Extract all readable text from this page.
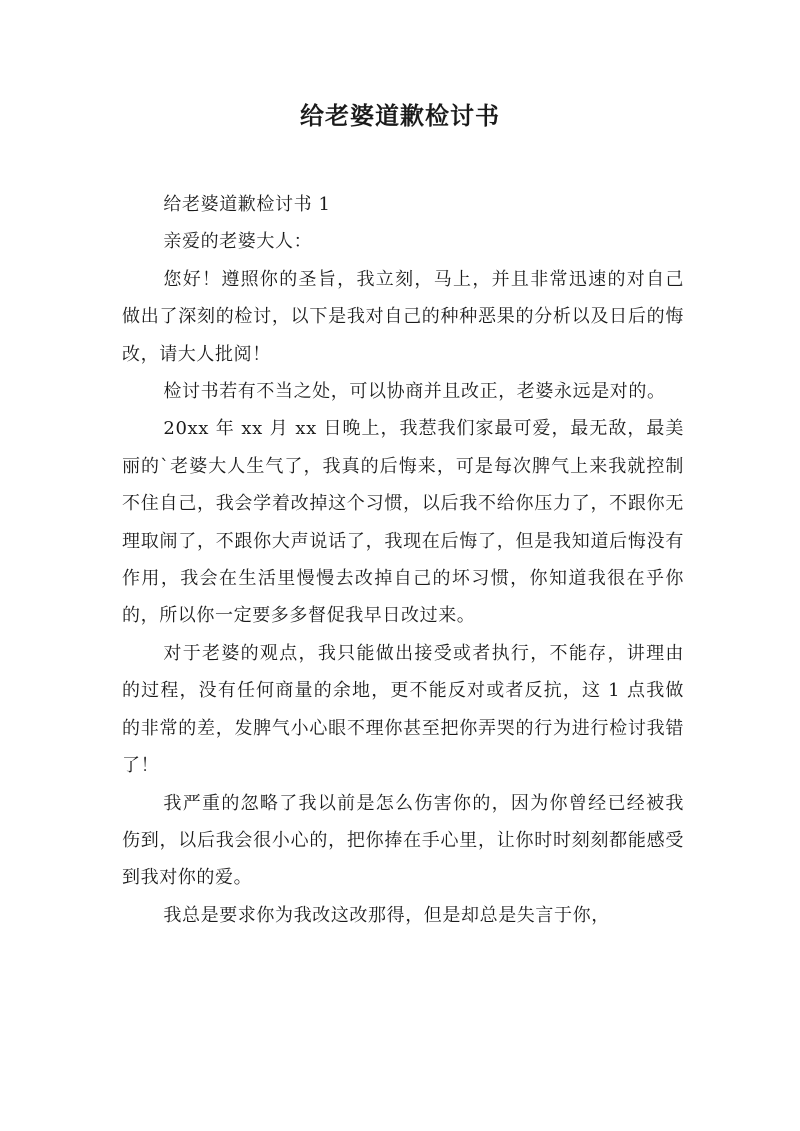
给老婆道歉检讨书

给老婆道歉检讨书 1

亲爱的老婆大人：

您好！遵照你的圣旨，我立刻，马上，并且非常迅速的对自己做出了深刻的检讨，以下是我对自己的种种恶果的分析以及日后的悔改，请大人批阅！

检讨书若有不当之处，可以协商并且改正，老婆永远是对的。

20xx 年 xx 月 xx 日晚上，我惹我们家最可爱，最无敌，最美丽的`老婆大人生气了，我真的后悔来，可是每次脾气上来我就控制不住自己，我会学着改掉这个习惯，以后我不给你压力了，不跟你无理取闹了，不跟你大声说话了，我现在后悔了，但是我知道后悔没有作用，我会在生活里慢慢去改掉自己的坏习惯，你知道我很在乎你的，所以你一定要多多督促我早日改过来。

对于老婆的观点，我只能做出接受或者执行，不能存，讲理由的过程，没有任何商量的余地，更不能反对或者反抗，这 1 点我做的非常的差，发脾气小心眼不理你甚至把你弄哭的行为进行检讨我错了！

我严重的忽略了我以前是怎么伤害你的，因为你曾经已经被我伤到，以后我会很小心的，把你捧在手心里，让你时时刻刻都能感受到我对你的爱。

我总是要求你为我改这改那得，但是却总是失言于你，
